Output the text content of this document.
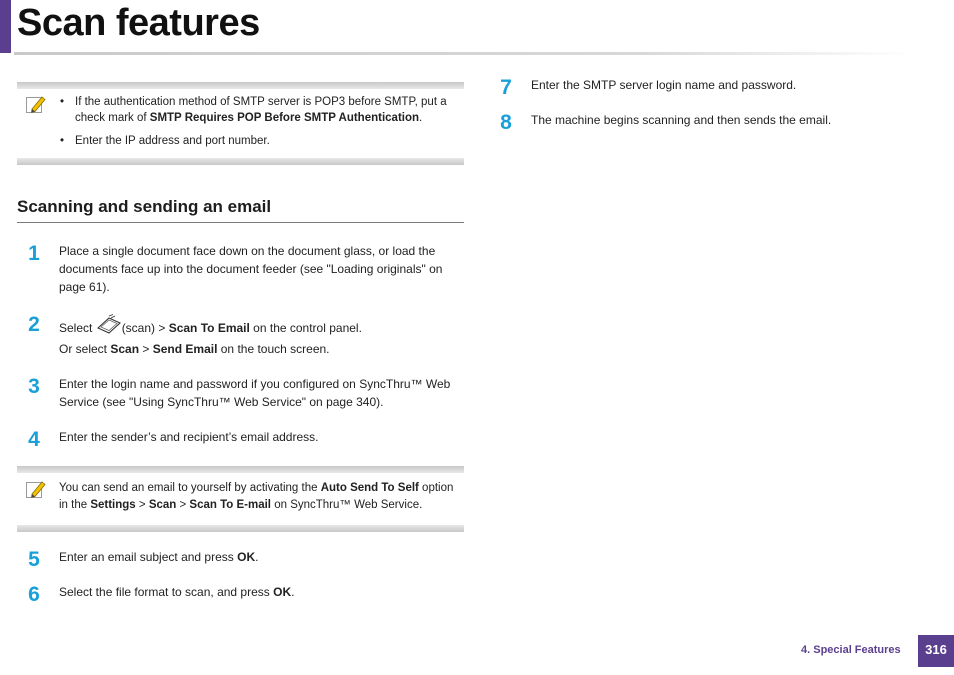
Scan features
• If the authentication method of SMTP server is POP3 before SMTP, put a check mark of SMTP Requires POP Before SMTP Authentication.
• Enter the IP address and port number.
Scanning and sending an email
1	Place a single document face down on the document glass, or load the documents face up into the document feeder (see "Loading originals" on page 61).
2	Select (scan) > Scan To Email on the control panel.
Or select Scan > Send Email on the touch screen.
3	Enter the login name and password if you configured on SyncThru™ Web Service (see "Using SyncThru™ Web Service" on page 340).
4	Enter the sender’s and recipient’s email address.
You can send an email to yourself by activating the Auto Send To Self option in the Settings > Scan > Scan To E-mail on SyncThru™ Web Service.
5	Enter an email subject and press OK.
6	Select the file format to scan, and press OK.
7	Enter the SMTP server login name and password.
8	The machine begins scanning and then sends the email.
4. Special Features	316
